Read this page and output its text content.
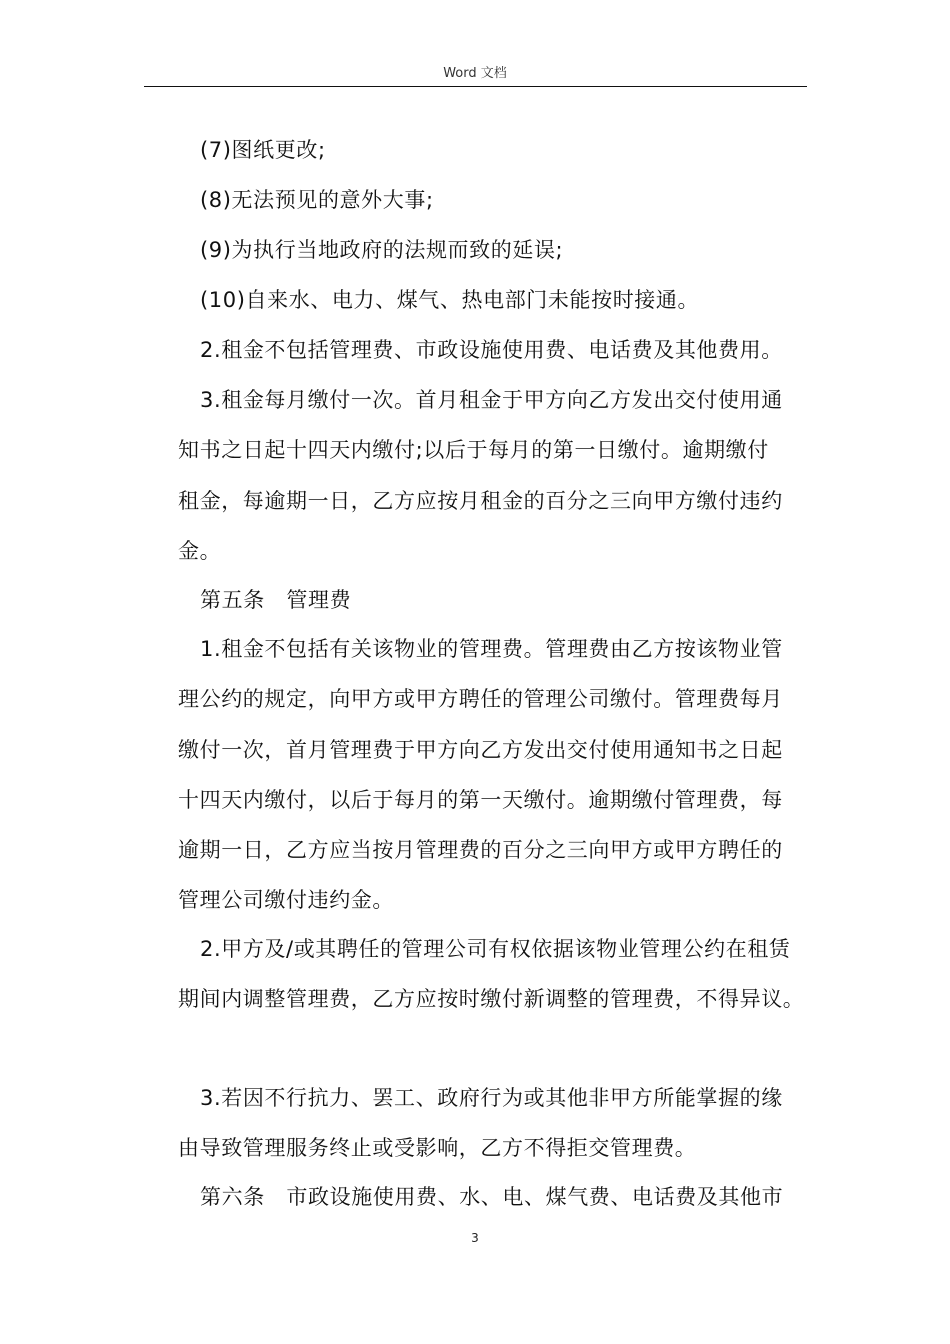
Word 文档
(7)图纸更改;
(8)无法预见的意外大事;
(9)为执行当地政府的法规而致的延误;
(10)自来水、电力、煤气、热电部门未能按时接通。
2.租金不包括管理费、市政设施使用费、电话费及其他费用。
3.租金每月缴付一次。首月租金于甲方向乙方发出交付使用通
知书之日起十四天内缴付;以后于每月的第一日缴付。逾期缴付
租金，每逾期一日，乙方应按月租金的百分之三向甲方缴付违约
金。
第五条　管理费
1.租金不包括有关该物业的管理费。管理费由乙方按该物业管
理公约的规定，向甲方或甲方聘任的管理公司缴付。管理费每月
缴付一次，首月管理费于甲方向乙方发出交付使用通知书之日起
十四天内缴付，以后于每月的第一天缴付。逾期缴付管理费，每
逾期一日，乙方应当按月管理费的百分之三向甲方或甲方聘任的
管理公司缴付违约金。
2.甲方及/或其聘任的管理公司有权依据该物业管理公约在租赁
期间内调整管理费，乙方应按时缴付新调整的管理费，不得异议。
3.若因不行抗力、罢工、政府行为或其他非甲方所能掌握的缘
由导致管理服务终止或受影响，乙方不得拒交管理费。
第六条　市政设施使用费、水、电、煤气费、电话费及其他市
3
